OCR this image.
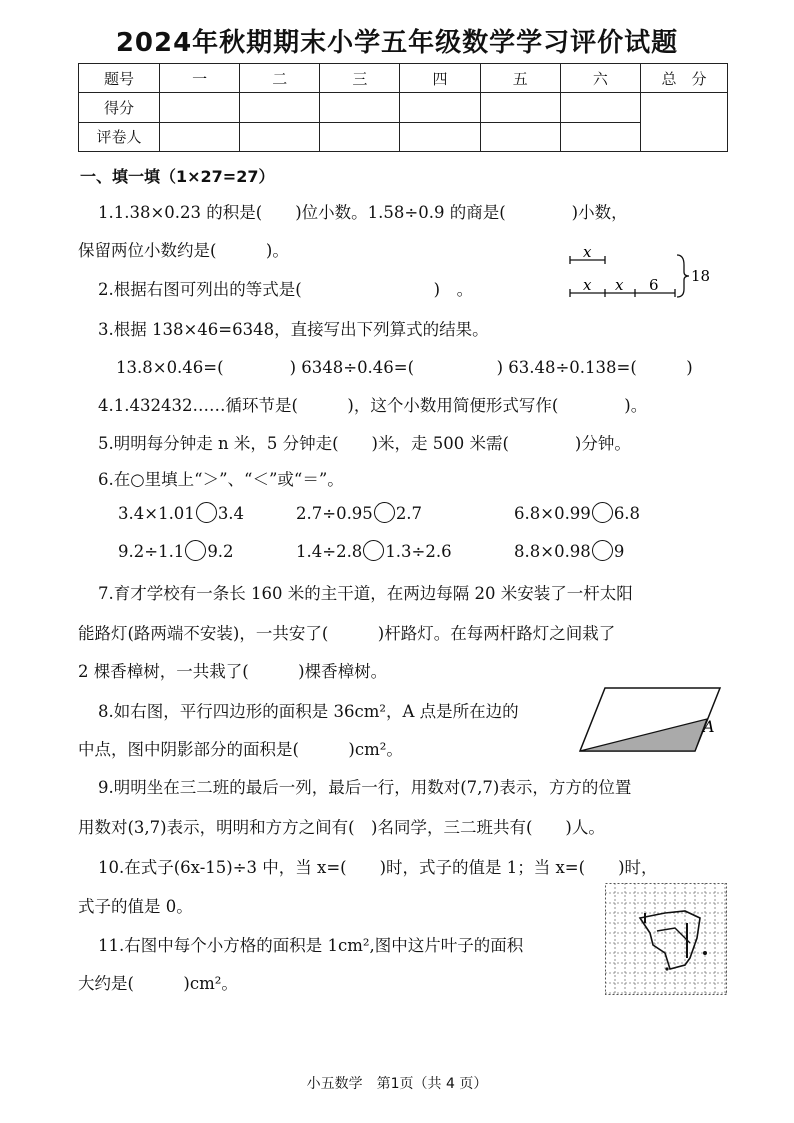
2024年秋期期末小学五年级数学学习评价试题
题号	一	二	三	四	五	六	总　分
得分							
评卷人							
一、填一填（1×27=27）
1.1.38×0.23 的积是(　　)位小数。1.58÷0.9 的商是(　　　　)小数，
保留两位小数约是(　　　)。
2.根据右图可列出的等式是(　　　　　　　　)　。
x
x x 6 18
3.根据 138×46=6348，直接写出下列算式的结果。
13.8×0.46=(　　　　) 6348÷0.46=(　　　　　) 63.48÷0.138=(　　　)
4.1.432432……循环节是(　　　)，这个小数用简便形式写作(　　　　)。
5.明明每分钟走 n 米，5 分钟走(　　)米，走 500 米需(　　　　)分钟。
6.在○里填上“＞”、“＜”或“＝”。
3.4×1.01 3.4	2.7÷0.95 2.7	6.8×0.99 6.8
9.2÷1.1 9.2	1.4÷2.8 1.3÷2.6	8.8×0.98 9
7.育才学校有一条长 160 米的主干道，在两边每隔 20 米安装了一杆太阳
能路灯(路两端不安装)，一共安了(　　　)杆路灯。在每两杆路灯之间栽了
2 棵香樟树，一共栽了(　　　)棵香樟树。
8.如右图，平行四边形的面积是 36cm²，A 点是所在边的
中点，图中阴影部分的面积是(　　　)cm²。
A
9.明明坐在三二班的最后一列，最后一行，用数对(7,7)表示，方方的位置
用数对(3,7)表示，明明和方方之间有(　)名同学，三二班共有(　　)人。
10.在式子(6x-15)÷3 中，当 x=(　　)时，式子的值是 1；当 x=(　　)时，
式子的值是 0。
11.右图中每个小方格的面积是 1cm²,图中这片叶子的面积
大约是(　　　)cm²。
小五数学　第1页（共 4 页）
